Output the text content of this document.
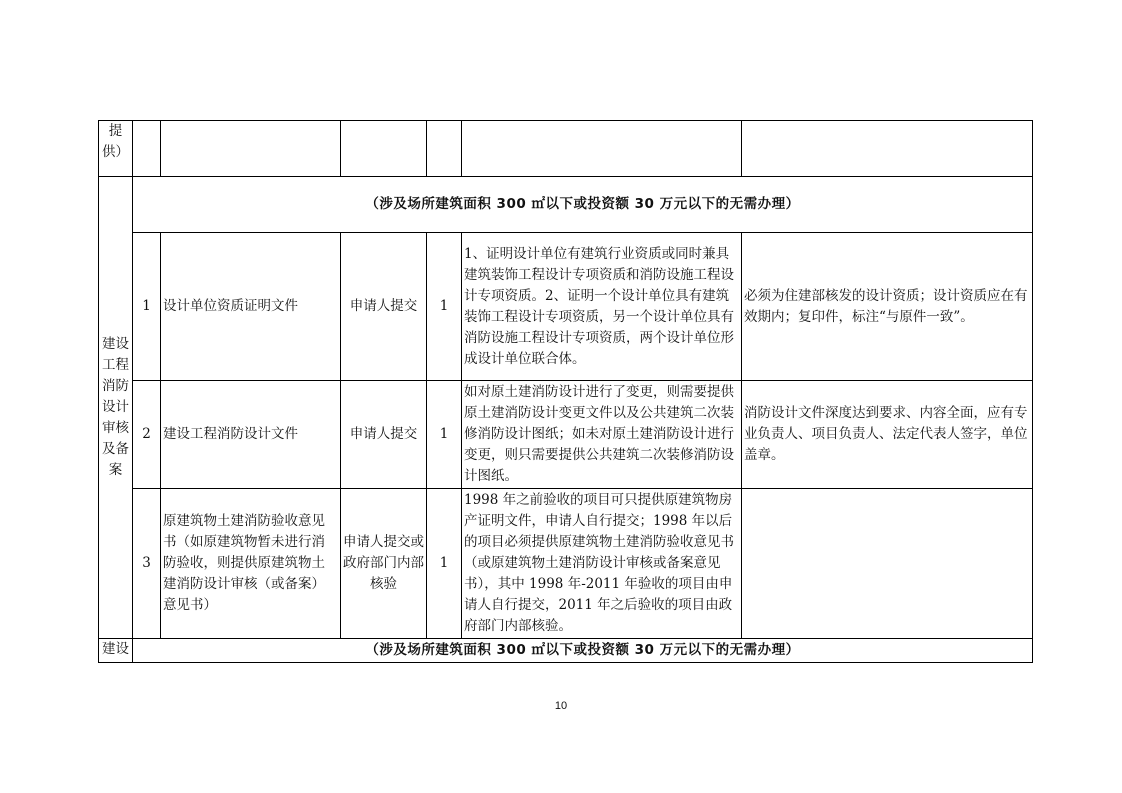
提供）						
建设工程消防设计审核及备案	（涉及场所建筑面积 300 ㎡以下或投资额 30 万元以下的无需办理）					
	1	设计单位资质证明文件	申请人提交	1	1、证明设计单位有建筑行业资质或同时兼具建筑装饰工程设计专项资质和消防设施工程设计专项资质。2、证明一个设计单位具有建筑装饰工程设计专项资质，另一个设计单位具有消防设施工程设计专项资质，两个设计单位形成设计单位联合体。	必须为住建部核发的设计资质；设计资质应在有效期内；复印件，标注“与原件一致”。
	2	建设工程消防设计文件	申请人提交	1	如对原土建消防设计进行了变更，则需要提供原土建消防设计变更文件以及公共建筑二次装修消防设计图纸；如未对原土建消防设计进行变更，则只需要提供公共建筑二次装修消防设计图纸。	消防设计文件深度达到要求、内容全面，应有专业负责人、项目负责人、法定代表人签字，单位盖章。
	3	原建筑物土建消防验收意见书（如原建筑物暂未进行消防验收，则提供原建筑物土建消防设计审核（或备案）意见书）	申请人提交或政府部门内部核验	1	1998 年之前验收的项目可只提供原建筑物房产证明文件，申请人自行提交；1998 年以后的项目必须提供原建筑物土建消防验收意见书（或原建筑物土建消防设计审核或备案意见书），其中 1998 年-2011 年验收的项目由申请人自行提交，2011 年之后验收的项目由政府部门内部核验。	
建设	（涉及场所建筑面积 300 ㎡以下或投资额 30 万元以下的无需办理）					
10
